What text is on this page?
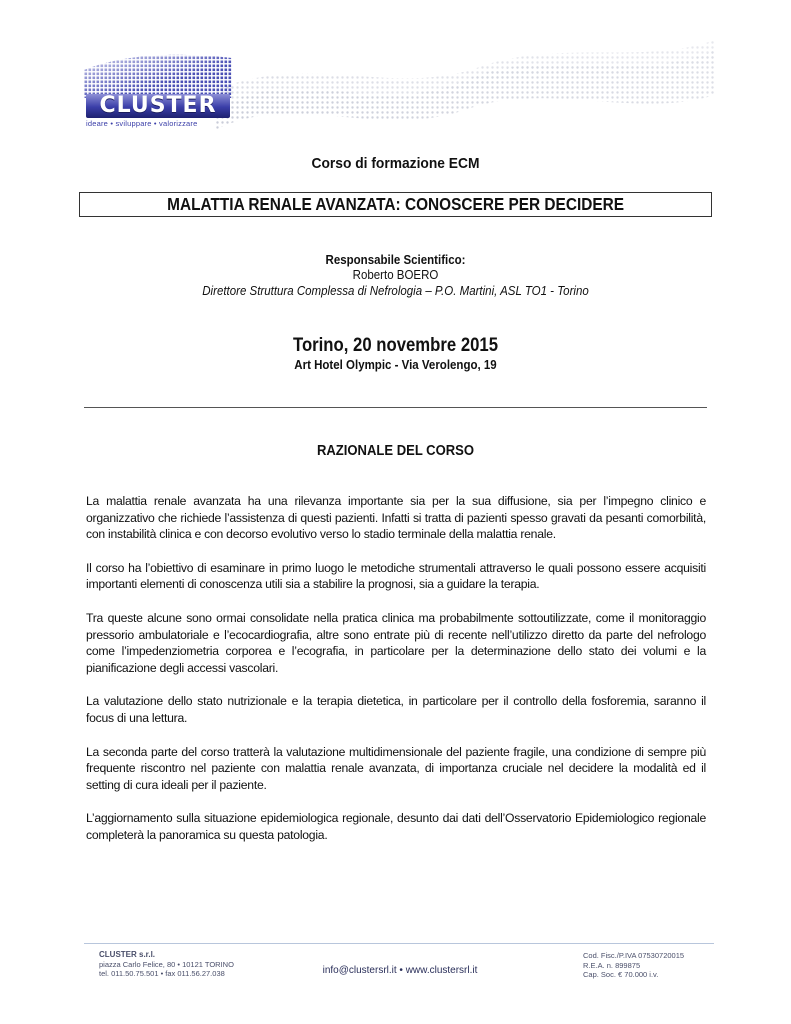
CLUSTER
ideare • sviluppare • valorizzare
Corso di formazione ECM
MALATTIA RENALE AVANZATA: CONOSCERE PER DECIDERE
Responsabile Scientifico:
Roberto BOERO
Direttore Struttura Complessa di Nefrologia – P.O. Martini, ASL TO1 - Torino
Torino, 20 novembre 2015
Art Hotel Olympic - Via Verolengo, 19
RAZIONALE DEL CORSO

La malattia renale avanzata ha una rilevanza importante sia per la sua diffusione, sia per l’impegno clinico e organizzativo che richiede l’assistenza di questi pazienti. Infatti si tratta di pazienti spesso gravati da pesanti comorbilità, con instabilità clinica e con decorso evolutivo verso lo stadio terminale della malattia renale.

Il corso ha l’obiettivo di esaminare in primo luogo le metodiche strumentali attraverso le quali possono essere acquisiti importanti elementi di conoscenza utili sia a stabilire la prognosi, sia a guidare la terapia.

Tra queste alcune sono ormai consolidate nella pratica clinica ma probabilmente sottoutilizzate, come il monitoraggio pressorio ambulatoriale e l’ecocardiografia, altre sono entrate più di recente nell’utilizzo diretto da parte del nefrologo come l’impedenziometria corporea e l’ecografia, in particolare per la determinazione dello stato dei volumi e la pianificazione degli accessi vascolari.

La valutazione dello stato nutrizionale e la terapia dietetica, in particolare per il controllo della fosforemia, saranno il focus di una lettura.

La seconda parte del corso tratterà la valutazione multidimensionale del paziente fragile, una condizione di sempre più frequente riscontro nel paziente con malattia renale avanzata, di importanza cruciale nel decidere la modalità ed il setting di cura ideali per il paziente.

L’aggiornamento sulla situazione epidemiologica regionale, desunto dai dati dell’Osservatorio Epidemiologico regionale completerà la panoramica su questa patologia.

CLUSTER s.r.l.
piazza Carlo Felice, 80 • 10121 TORINO
tel. 011.50.75.501 • fax 011.56.27.038	info@clustersrl.it • www.clustersrl.it
Cod. Fisc./P.IVA 07530720015
R.E.A. n. 899875
Cap. Soc. € 70.000 i.v.
